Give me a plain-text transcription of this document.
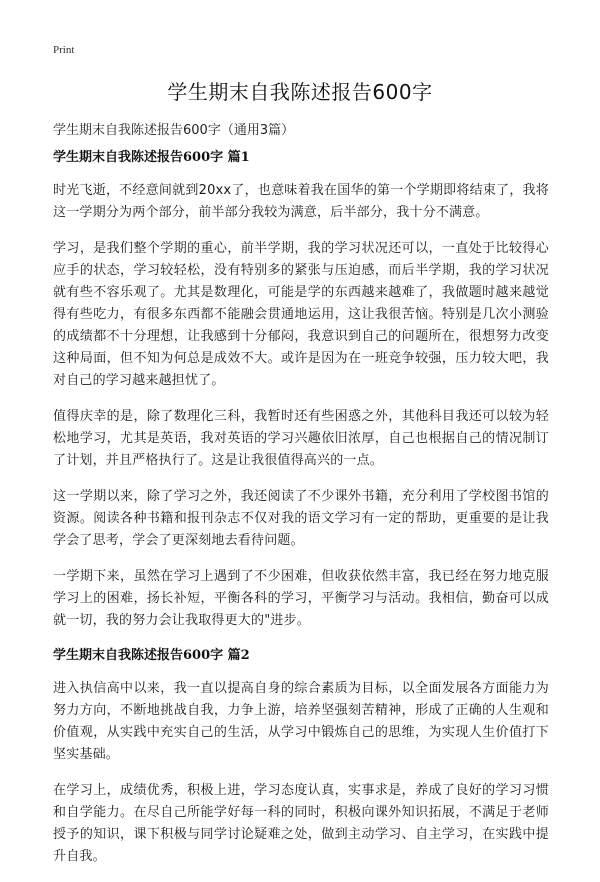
Print
学生期末自我陈述报告600字
学生期末自我陈述报告600字（通用3篇）
学生期末自我陈述报告600字 篇1

时光飞逝，不经意间就到20xx了，也意味着我在国华的第一个学期即将结束了，我将这一学期分为两个部分，前半部分我较为满意，后半部分，我十分不满意。

学习，是我们整个学期的重心，前半学期，我的学习状况还可以，一直处于比较得心应手的状态，学习较轻松，没有特别多的紧张与压迫感，而后半学期，我的学习状况就有些不容乐观了。尤其是数理化，可能是学的东西越来越难了，我做题时越来越觉得有些吃力，有很多东西都不能融会贯通地运用，这让我很苦恼。特别是几次小测验的成绩都不十分理想，让我感到十分郁闷，我意识到自己的问题所在，很想努力改变这种局面，但不知为何总是成效不大。或许是因为在一班竞争较强，压力较大吧，我对自己的学习越来越担忧了。

值得庆幸的是，除了数理化三科，我暂时还有些困惑之外，其他科目我还可以较为轻松地学习，尤其是英语，我对英语的学习兴趣依旧浓厚，自己也根据自己的情况制订了计划，并且严格执行了。这是让我很值得高兴的一点。

这一学期以来，除了学习之外，我还阅读了不少课外书籍，充分利用了学校图书馆的资源。阅读各种书籍和报刊杂志不仅对我的语文学习有一定的帮助，更重要的是让我学会了思考，学会了更深刻地去看待问题。

一学期下来，虽然在学习上遇到了不少困难，但收获依然丰富，我已经在努力地克服学习上的困难，扬长补短，平衡各科的学习，平衡学习与活动。我相信，勤奋可以成就一切，我的努力会让我取得更大的"进步。

学生期末自我陈述报告600字 篇2

进入执信高中以来，我一直以提高自身的综合素质为目标，以全面发展各方面能力为努力方向，不断地挑战自我，力争上游，培养坚强刻苦精神，形成了正确的人生观和价值观，从实践中充实自己的生活，从学习中锻炼自己的思维，为实现人生价值打下坚实基础。

在学习上，成绩优秀，积极上进，学习态度认真，实事求是，养成了良好的学习习惯和自学能力。在尽自己所能学好每一科的同时，积极向课外知识拓展，不满足于老师授予的知识，课下积极与同学讨论疑难之处，做到主动学习、自主学习，在实践中提升自我。
